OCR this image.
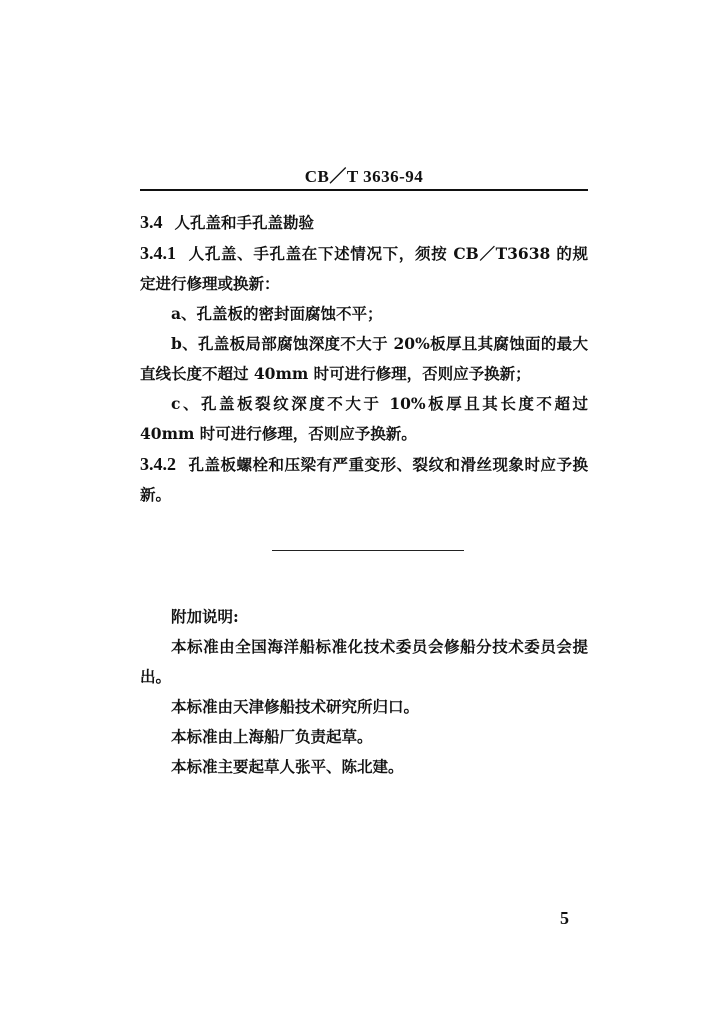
CB／T 3636-94

3.4 人孔盖和手孔盖勘验

3.4.1 人孔盖、手孔盖在下述情况下，须按 CB／T3638 的规定进行修理或换新：

a、孔盖板的密封面腐蚀不平；

b、孔盖板局部腐蚀深度不大于 20%板厚且其腐蚀面的最大直线长度不超过 40mm 时可进行修理，否则应予换新；

c、孔盖板裂纹深度不大于 10%板厚且其长度不超过 40mm 时可进行修理，否则应予换新。

3.4.2 孔盖板螺栓和压梁有严重变形、裂纹和滑丝现象时应予换新。

附加说明:

本标准由全国海洋船标准化技术委员会修船分技术委员会提出。

本标准由天津修船技术研究所归口。

本标准由上海船厂负责起草。

本标准主要起草人张平、陈北建。

5
